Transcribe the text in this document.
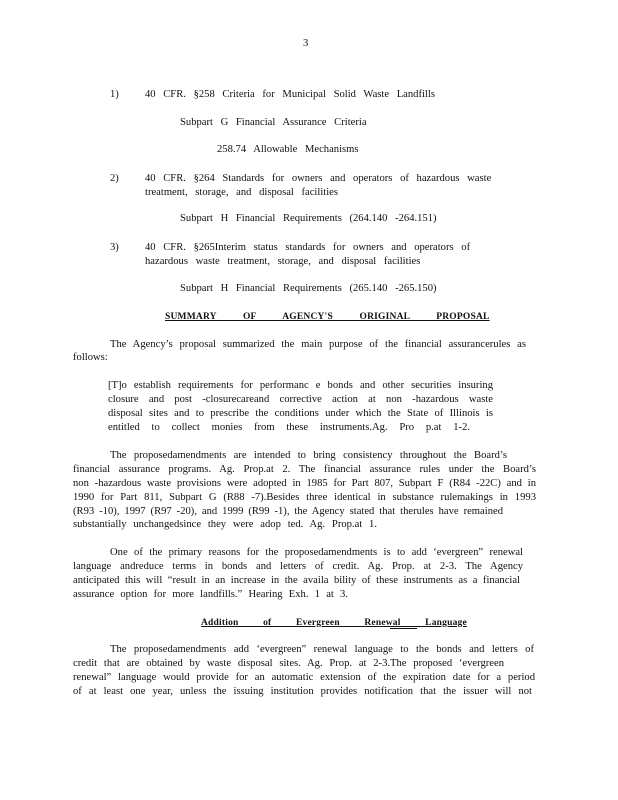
3
1) 40 CFR. §258 Criteria for Municipal Solid Waste Landfills
Subpart G Financial Assurance Criteria
258.74 Allowable Mechanisms
2) 40 CFR. §264 Standards for owners and operators of hazardous waste
treatment, storage, and disposal facilities
Subpart H Financial Requirements (264.140 -264.151)
3) 40 CFR. §265Interim status standards for owners and operators of
hazardous waste treatment, storage, and disposal facilities
Subpart H Financial Requirements (265.140 -265.150)
SUMMARY OF AGENCY'S ORIGINAL PROPOSAL
The Agency’s proposal summarized the main purpose of the financial assurancerules as
follows:
[T]o establish requirements for performanc e bonds and other securities insuring
closure and post -closurecareand corrective action at non -hazardous waste
disposal sites and to prescribe the conditions under which the State of Illinois is
entitled to collect monies from these instruments.Ag. Pro p.at 1-2.
The proposedamendments are intended to bring consistency throughout the Board’s
financial assurance programs. Ag. Prop.at 2. The financial assurance rules under the Board’s
non -hazardous waste provisions were adopted in 1985 for Part 807, Subpart F (R84 -22C) and in
1990 for Part 811, Subpart G (R88 -7).Besides three identical in substance rulemakings in 1993
(R93 -10), 1997 (R97 -20), and 1999 (R99 -1), the Agency stated that therules have remained
substantially unchangedsince they were adop ted. Ag. Prop.at 1.
One of the primary reasons for the proposedamendments is to add ‘evergreen” renewal
language andreduce terms in bonds and letters of credit. Ag. Prop. at 2-3. The Agency
anticipated this will “result in an increase in the availa bility of these instruments as a financial
assurance option for more landfills.” Hearing Exh. 1 at 3.
Addition of Evergreen Renewal Language
The proposedamendments add ‘evergreen” renewal language to the bonds and letters of
credit that are obtained by waste disposal sites. Ag. Prop. at 2-3.The proposed ‘evergreen
renewal” language would provide for an automatic extension of the expiration date for a period
of at least one year, unless the issuing institution provides notification that the issuer will not
